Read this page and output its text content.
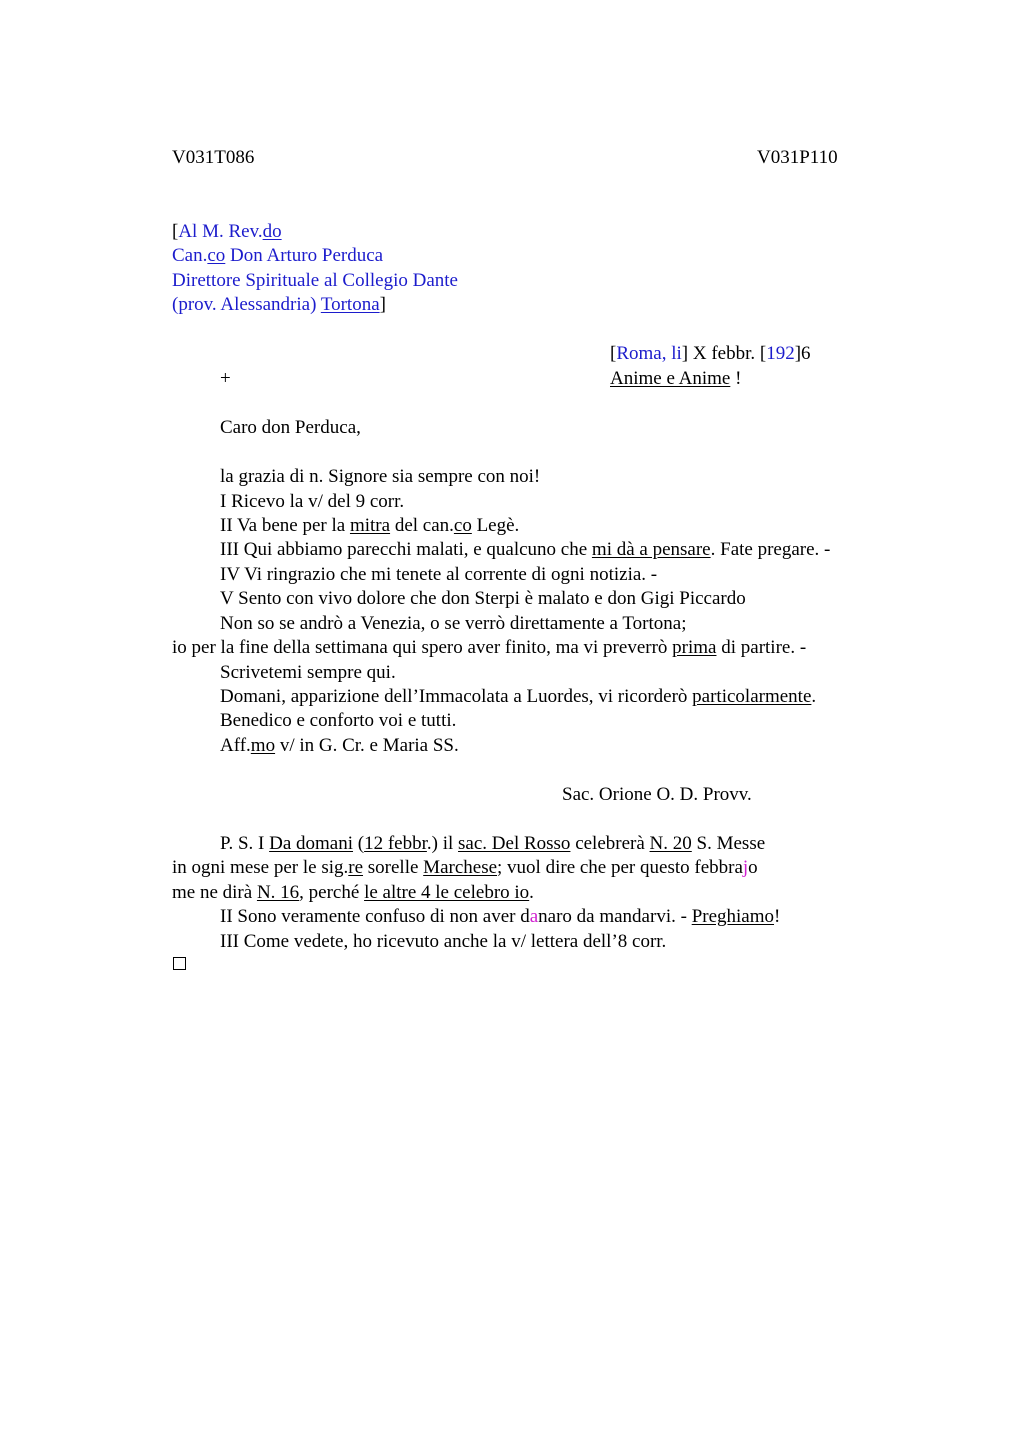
V031T086	V031P110
[Al M. Rev.do
Can.co Don Arturo Perduca
Direttore Spirituale al Collegio Dante
(prov. Alessandria) Tortona]
[Roma, li] X febbr. [192]6
+	Anime e Anime !
Caro don Perduca,
la grazia di n. Signore sia sempre con noi!
I Ricevo la v/ del 9 corr.
II Va bene per la mitra del can.co Legè.
III Qui abbiamo parecchi malati, e qualcuno che mi dà a pensare. Fate pregare. -
IV Vi ringrazio che mi tenete al corrente di ogni notizia. -
V Sento con vivo dolore che don Sterpi è malato e don Gigi Piccardo
Non so se andrò a Venezia, o se verrò direttamente a Tortona;
io per la fine della settimana qui spero aver finito, ma vi preverrò prima di partire. -
Scrivetemi sempre qui.
Domani, apparizione dell’Immacolata a Luordes, vi ricorderò particolarmente.
Benedico e conforto voi e tutti.
Aff.mo v/ in G. Cr. e Maria SS.
Sac. Orione O. D. Provv.
P. S. I Da domani (12 febbr.) il sac. Del Rosso celebrerà N. 20 S. Messe
in ogni mese per le sig.re sorelle Marchese; vuol dire che per questo febbrajo
me ne dirà N. 16, perché le altre 4 le celebro io.
II Sono veramente confuso di non aver danaro da mandarvi. - Preghiamo!
III Come vedete, ho ricevuto anche la v/ lettera dell’8 corr.
